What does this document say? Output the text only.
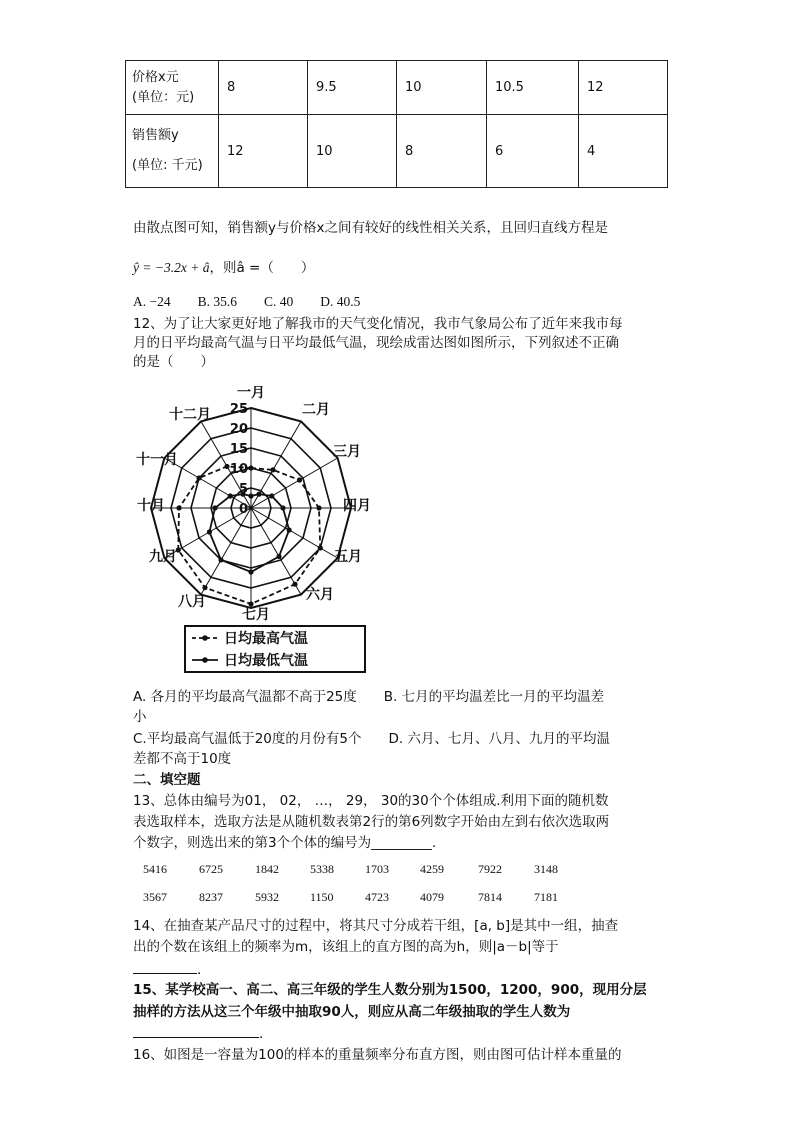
价格x元
(单位：元)	8	9.5	10	10.5	12

销售额y
(单位: 千元)	12	10	8	6	4
由散点图可知，销售额y与价格x之间有较好的线性相关关系，且回归直线方程是
ŷ = −3.2x + â，则â =（　　）
A. −24　　B. 35.6　　C. 40　　D. 40.5
12、为了让大家更好地了解我市的天气变化情况，我市气象局公布了近年来我市每
月的日平均最高气温与日平均最低气温，现绘成雷达图如图所示，下列叙述不正确
的是（　　）
0
5
10
15
20
25
一月
二月
三月
四月
五月
六月
七月
八月
九月
十月
十一月
十二月
日均最高气温
日均最低气温
A. 各月的平均最高气温都不高于25度　　B. 七月的平均温差比一月的平均温差
小
C.平均最高气温低于20度的月份有5个　　D. 六月、七月、八月、九月的平均温
差都不高于10度
二、填空题
13、总体由编号为01， 02， …， 29， 30的30个个体组成.利用下面的随机数
表选取样本，选取方法是从随机数表第2行的第6列数字开始由左到右依次选取两
个数字，则选出来的第3个个体的编号为_________.
5416	6725	1842	5338	1703	4259	7922	3148
3567	8237	5932	1150	4723	4079	7814	7181
14、在抽查某产品尺寸的过程中，将其尺寸分成若干组，[a, b]是其中一组，抽查
出的个数在该组上的频率为m，该组上的直方图的高为h，则|a－b|等于
.
15、某学校高一、高二、高三年级的学生人数分别为1500，1200，900，现用分层
抽样的方法从这三个年级中抽取90人，则应从高二年级抽取的学生人数为
.
16、如图是一容量为100的样本的重量频率分布直方图，则由图可估计样本重量的
